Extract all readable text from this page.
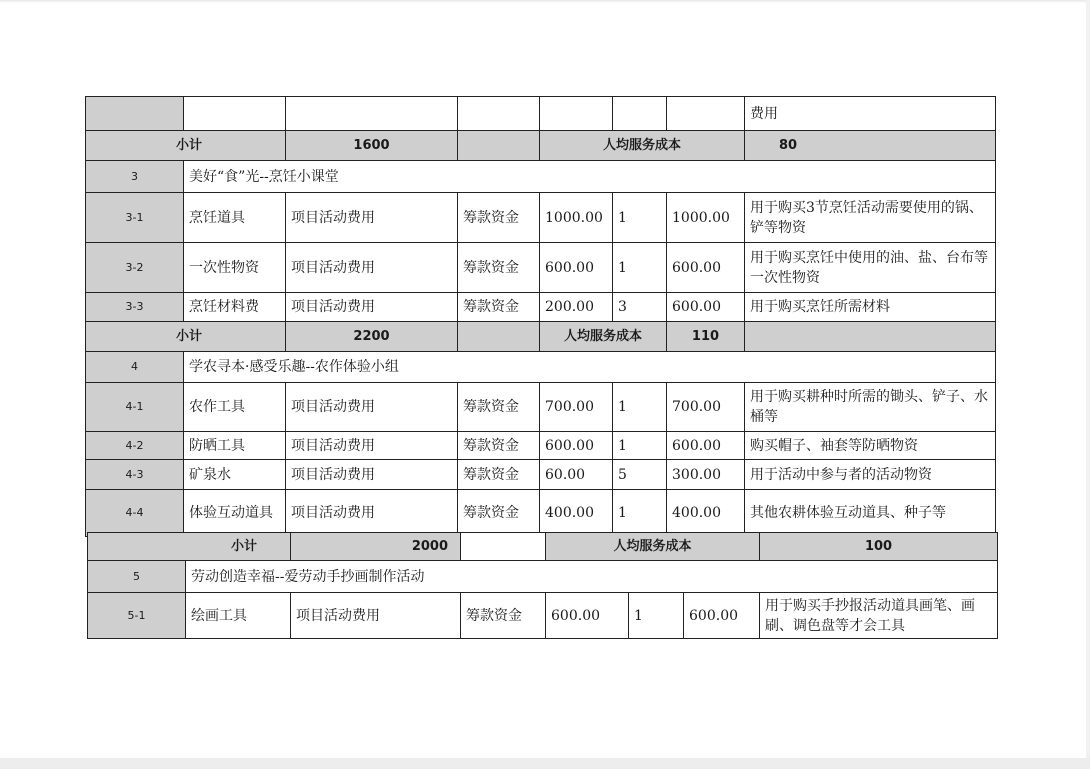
							费用
小计		1600		人均服务成本			80
3	美好“食”光--烹饪小课堂						
3-1	烹饪道具	项目活动费用	筹款资金	1000.00	1	1000.00	用于购买3节烹饪活动需要使用的锅、铲等物资
3-2	一次性物资	项目活动费用	筹款资金	600.00	1	600.00	用于购买烹饪中使用的油、盐、台布等一次性物资
3-3	烹饪材料费	项目活动费用	筹款资金	200.00	3	600.00	用于购买烹饪所需材料
小计		2200		人均服务成本		110	
4	学农寻本·感受乐趣--农作体验小组						
4-1	农作工具	项目活动费用	筹款资金	700.00	1	700.00	用于购买耕种时所需的锄头、铲子、水桶等
4-2	防晒工具	项目活动费用	筹款资金	600.00	1	600.00	购买帽子、袖套等防晒物资
4-3	矿泉水	项目活动费用	筹款资金	60.00	5	300.00	用于活动中参与者的活动物资
4-4	体验互动道具	项目活动费用	筹款资金	400.00	1	400.00	其他农耕体验互动道具、种子等
小计		2000		人均服务成本			100
5	劳动创造幸福--爱劳动手抄画制作活动						
5-1	绘画工具	项目活动费用	筹款资金	600.00	1	600.00	用于购买手抄报活动道具画笔、画刷、调色盘等才会工具
